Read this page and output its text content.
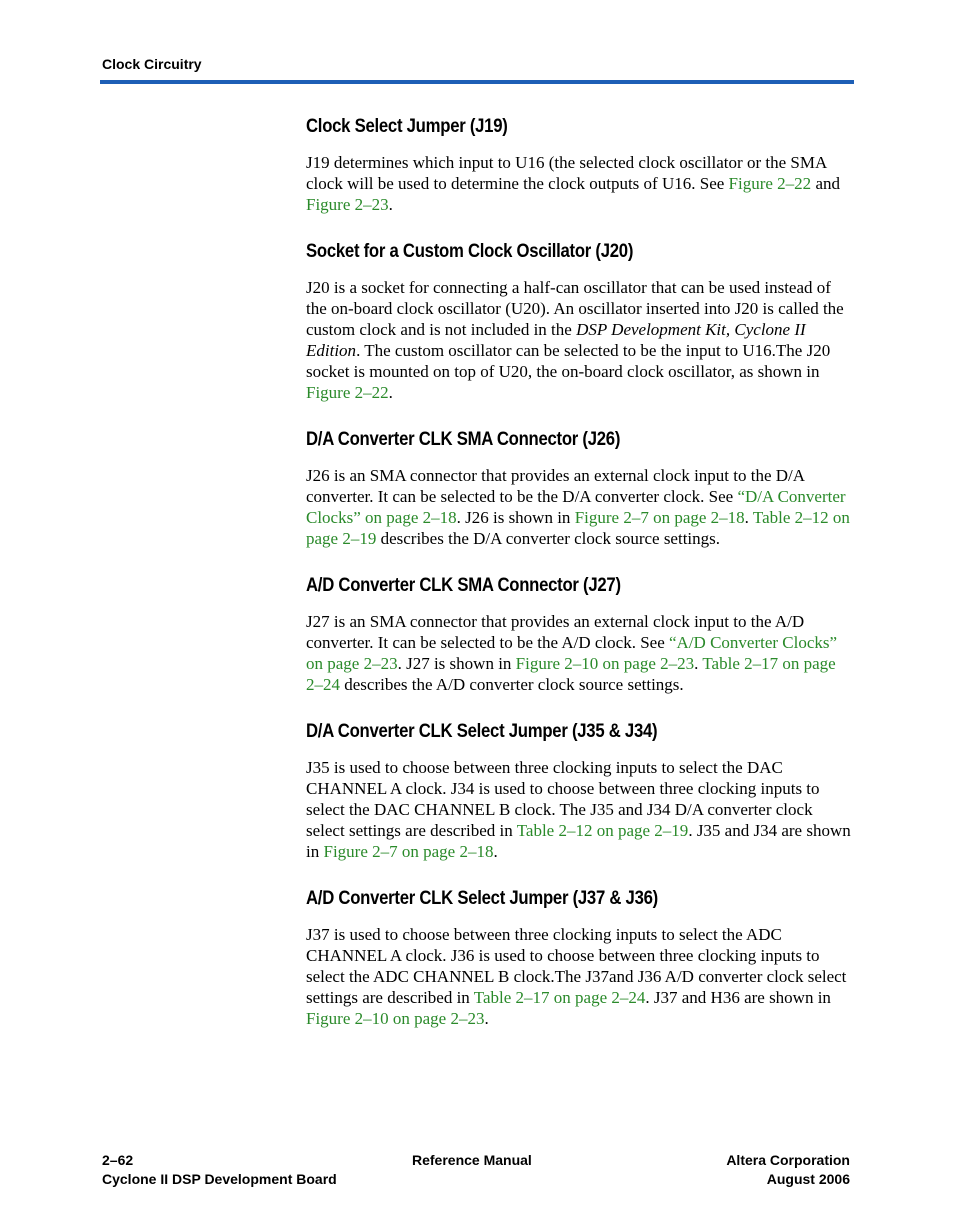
Clock Circuitry
Clock Select Jumper (J19)

J19 determines which input to U16 (the selected clock oscillator or the SMA clock will be used to determine the clock outputs of U16. See Figure 2–22 and Figure 2–23.

Socket for a Custom Clock Oscillator (J20)

J20 is a socket for connecting a half-can oscillator that can be used instead of the on-board clock oscillator (U20). An oscillator inserted into J20 is called the custom clock and is not included in the DSP Development Kit, Cyclone II Edition. The custom oscillator can be selected to be the input to U16.The J20 socket is mounted on top of U20, the on-board clock oscillator, as shown in Figure 2–22.

D/A Converter CLK SMA Connector (J26)

J26 is an SMA connector that provides an external clock input to the D/A converter. It can be selected to be the D/A converter clock. See “D/A Converter Clocks” on page 2–18. J26 is shown in Figure 2–7 on page 2–18. Table 2–12 on page 2–19 describes the D/A converter clock source settings.

A/D Converter CLK SMA Connector (J27)

J27 is an SMA connector that provides an external clock input to the A/D converter. It can be selected to be the A/D clock. See “A/D Converter Clocks” on page 2–23. J27 is shown in Figure 2–10 on page 2–23. Table 2–17 on page 2–24 describes the A/D converter clock source settings.

D/A Converter CLK Select Jumper (J35 & J34)

J35 is used to choose between three clocking inputs to select the DAC CHANNEL A clock. J34 is used to choose between three clocking inputs to select the DAC CHANNEL B clock. The J35 and J34 D/A converter clock select settings are described in Table 2–12 on page 2–19. J35 and J34 are shown in Figure 2–7 on page 2–18.

A/D Converter CLK Select Jumper (J37 & J36)

J37 is used to choose between three clocking inputs to select the ADC CHANNEL A clock. J36 is used to choose between three clocking inputs to select the ADC CHANNEL B clock.The J37and J36 A/D converter clock select settings are described in Table 2–17 on page 2–24. J37 and H36 are shown in Figure 2–10 on page 2–23.

2–62
Cyclone II DSP Development Board
Reference Manual	Altera Corporation
August 2006
